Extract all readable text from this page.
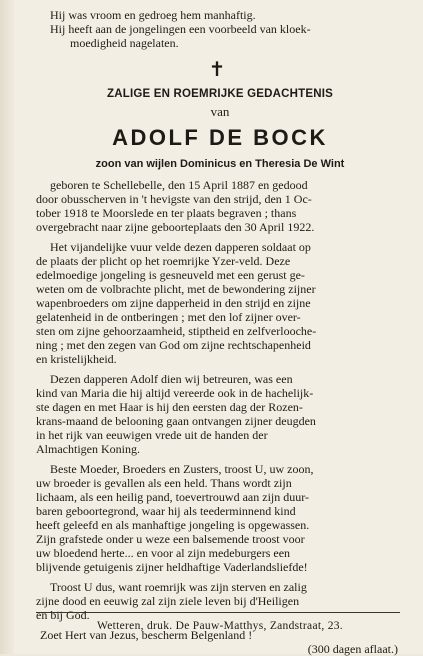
Hij was vroom en gedroeg hem manhaftig.
Hij heeft aan de jongelingen een voorbeeld van kloek-
moedigheid nagelaten.
✝
ZALIGE EN ROEMRIJKE GEDACHTENIS
van
ADOLF DE BOCK
zoon van wijlen Dominicus en Theresia De Wint
geboren te Schellebelle, den 15 April 1887 en gedood
door obusscherven in 't hevigste van den strijd, den 1 Oc-
tober 1918 te Moorslede en ter plaats begraven ; thans
overgebracht naar zijne geboorteplaats den 30 April 1922.
Het vijandelijke vuur velde dezen dapperen soldaat op
de plaats der plicht op het roemrijke Yzer-veld. Deze
edelmoedige jongeling is gesneuveld met een gerust ge-
weten om de volbrachte plicht, met de bewondering zijner
wapenbroeders om zijne dapperheid in den strijd en zijne
gelatenheid in de ontberingen ; met den lof zijner over-
sten om zijne gehoorzaamheid, stiptheid en zelfverlooche-
ning ; met den zegen van God om zijne rechtschapenheid
en kristelijkheid.
Dezen dapperen Adolf dien wij betreuren, was een
kind van Maria die hij altijd vereerde ook in de hachelijk-
ste dagen en met Haar is hij den eersten dag der Rozen-
krans-maand de belooning gaan ontvangen zijner deugden
in het rijk van eeuwigen vrede uit de handen der
Almachtigen Koning.
Beste Moeder, Broeders en Zusters, troost U, uw zoon,
uw broeder is gevallen als een held. Thans wordt zijn
lichaam, als een heilig pand, toevertrouwd aan zijn duur-
baren geboortegrond, waar hij als teederminnend kind
heeft geleefd en als manhaftige jongeling is opgewassen.
Zijn grafstede onder u weze een balsemende troost voor
uw bloedend herte... en voor al zijn medeburgers een
blijvende getuigenis zijner heldhaftige Vaderlandsliefde!
Troost U dus, want roemrijk was zijn sterven en zalig
zijne dood en eeuwig zal zijn ziele leven bij d'Heiligen
en bij God.
Zoet Hert van Jezus, bescherm Belgenland !
(300 dagen aflaat.)
Wetteren, druk. De Pauw-Matthys, Zandstraat, 23.
